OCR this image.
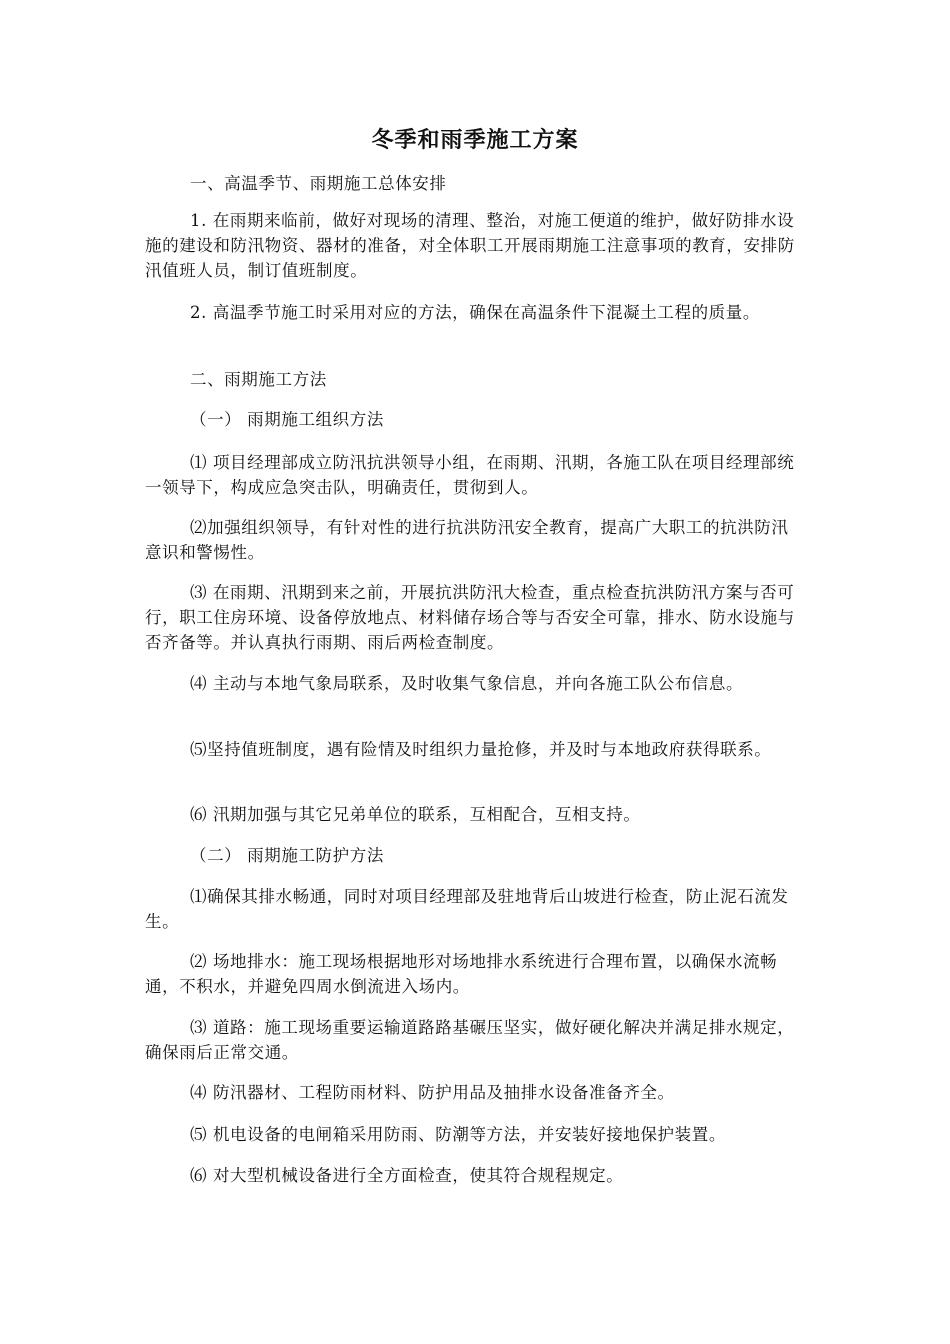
冬季和雨季施工方案

一、高温季节、雨期施工总体安排

1. 在雨期来临前，做好对现场的清理、整治，对施工便道的维护，做好防排水设施的建设和防汛物资、器材的准备，对全体职工开展雨期施工注意事项的教育，安排防汛值班人员，制订值班制度。

2. 高温季节施工时采用对应的方法，确保在高温条件下混凝土工程的质量。

二、雨期施工方法

（一） 雨期施工组织方法

⑴ 项目经理部成立防汛抗洪领导小组，在雨期、汛期，各施工队在项目经理部统一领导下，构成应急突击队，明确责任，贯彻到人。

⑵加强组织领导，有针对性的进行抗洪防汛安全教育，提高广大职工的抗洪防汛意识和警惕性。

⑶ 在雨期、汛期到来之前，开展抗洪防汛大检查，重点检查抗洪防汛方案与否可行，职工住房环境、设备停放地点、材料储存场合等与否安全可靠，排水、防水设施与否齐备等。并认真执行雨期、雨后两检查制度。

⑷ 主动与本地气象局联系，及时收集气象信息，并向各施工队公布信息。

⑸坚持值班制度，遇有险情及时组织力量抢修，并及时与本地政府获得联系。

⑹ 汛期加强与其它兄弟单位的联系，互相配合，互相支持。

（二） 雨期施工防护方法

⑴确保其排水畅通，同时对项目经理部及驻地背后山坡进行检查，防止泥石流发生。

⑵ 场地排水：施工现场根据地形对场地排水系统进行合理布置，以确保水流畅通，不积水，并避免四周水倒流进入场内。

⑶ 道路：施工现场重要运输道路路基碾压坚实，做好硬化解决并满足排水规定，确保雨后正常交通。

⑷ 防汛器材、工程防雨材料、防护用品及抽排水设备准备齐全。

⑸ 机电设备的电闸箱采用防雨、防潮等方法，并安装好接地保护装置。

⑹ 对大型机械设备进行全方面检查，使其符合规程规定。
